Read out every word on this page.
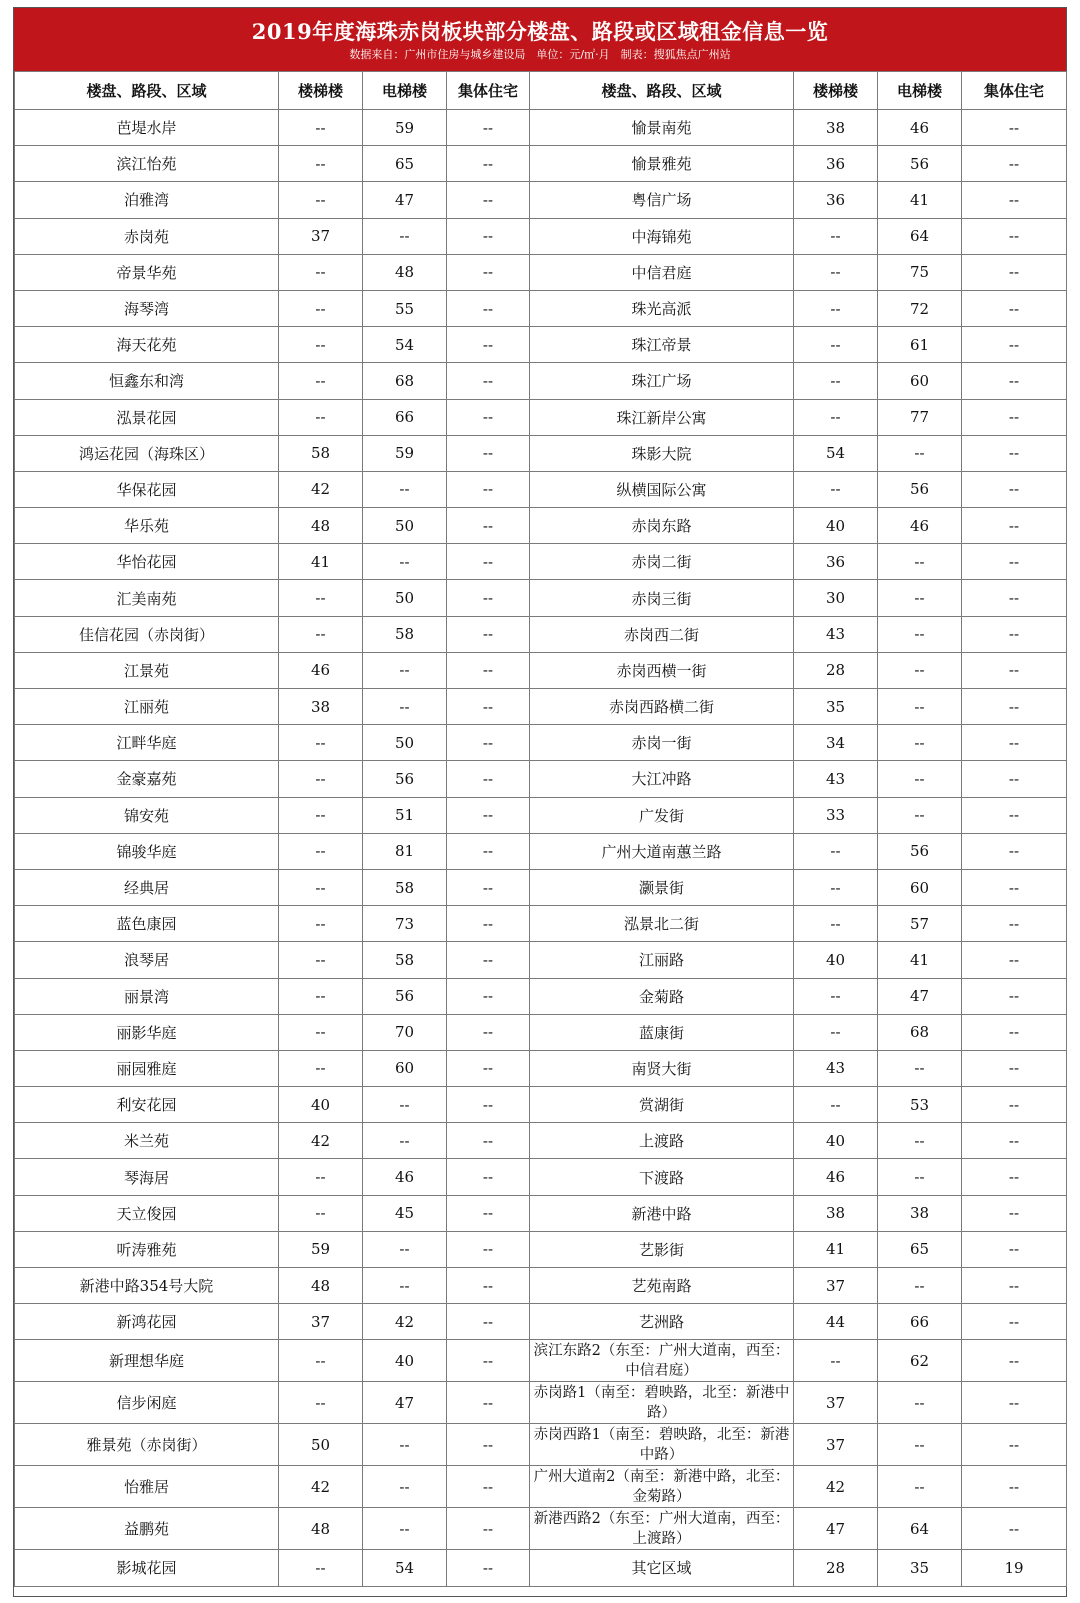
2019年度海珠赤岗板块部分楼盘、路段或区域租金信息一览
数据来自：广州市住房与城乡建设局　单位：元/㎡·月　制表：搜狐焦点广州站
楼盘、路段、区域	楼梯楼	电梯楼	集体住宅	楼盘、路段、区域	楼梯楼	电梯楼	集体住宅
芭堤水岸	--	59	--	愉景南苑	38	46	--
滨江怡苑	--	65	--	愉景雅苑	36	56	--
泊雅湾	--	47	--	粤信广场	36	41	--
赤岗苑	37	--	--	中海锦苑	--	64	--
帝景华苑	--	48	--	中信君庭	--	75	--
海琴湾	--	55	--	珠光高派	--	72	--
海天花苑	--	54	--	珠江帝景	--	61	--
恒鑫东和湾	--	68	--	珠江广场	--	60	--
泓景花园	--	66	--	珠江新岸公寓	--	77	--
鸿运花园（海珠区）	58	59	--	珠影大院	54	--	--
华保花园	42	--	--	纵横国际公寓	--	56	--
华乐苑	48	50	--	赤岗东路	40	46	--
华怡花园	41	--	--	赤岗二街	36	--	--
汇美南苑	--	50	--	赤岗三街	30	--	--
佳信花园（赤岗街）	--	58	--	赤岗西二街	43	--	--
江景苑	46	--	--	赤岗西横一街	28	--	--
江丽苑	38	--	--	赤岗西路横二街	35	--	--
江畔华庭	--	50	--	赤岗一街	34	--	--
金豪嘉苑	--	56	--	大江冲路	43	--	--
锦安苑	--	51	--	广发街	33	--	--
锦骏华庭	--	81	--	广州大道南蕙兰路	--	56	--
经典居	--	58	--	灏景街	--	60	--
蓝色康园	--	73	--	泓景北二街	--	57	--
浪琴居	--	58	--	江丽路	40	41	--
丽景湾	--	56	--	金菊路	--	47	--
丽影华庭	--	70	--	蓝康街	--	68	--
丽园雅庭	--	60	--	南贤大街	43	--	--
利安花园	40	--	--	赏湖街	--	53	--
米兰苑	42	--	--	上渡路	40	--	--
琴海居	--	46	--	下渡路	46	--	--
天立俊园	--	45	--	新港中路	38	38	--
听涛雅苑	59	--	--	艺影街	41	65	--
新港中路354号大院	48	--	--	艺苑南路	37	--	--
新鸿花园	37	42	--	艺洲路	44	66	--
新理想华庭	--	40	--	滨江东路2（东至：广州大道南，西至：中信君庭）	--	62	--
信步闲庭	--	47	--	赤岗路1（南至：碧映路，北至：新港中路）	37	--	--
雅景苑（赤岗街）	50	--	--	赤岗西路1（南至：碧映路，北至：新港中路）	37	--	--
怡雅居	42	--	--	广州大道南2（南至：新港中路，北至：金菊路）	42	--	--
益鹏苑	48	--	--	新港西路2（东至：广州大道南，西至：上渡路）	47	64	--
影城花园	--	54	--	其它区域	28	35	19
